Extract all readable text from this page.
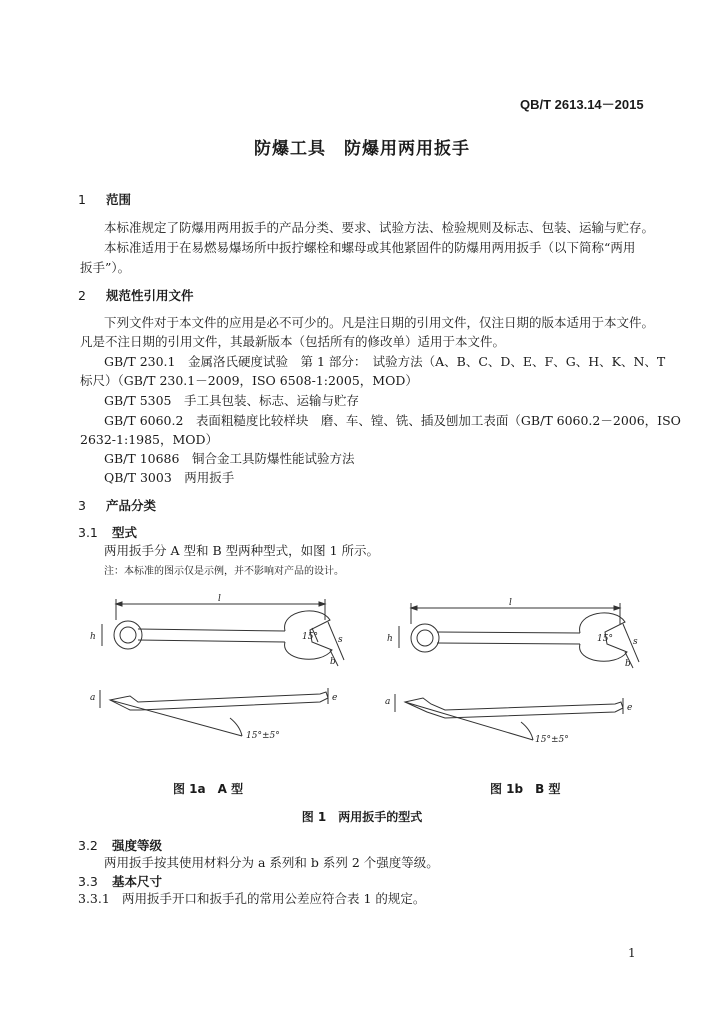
QB/T 2613.14－2015
防爆工具　防爆用两用扳手
1 范围
本标准规定了防爆用两用扳手的产品分类、要求、试验方法、检验规则及标志、包装、运输与贮存。
本标准适用于在易燃易爆场所中扳拧螺栓和螺母或其他紧固件的防爆用两用扳手（以下简称“两用
扳手”）。
2 规范性引用文件
下列文件对于本文件的应用是必不可少的。凡是注日期的引用文件，仅注日期的版本适用于本文件。
凡是不注日期的引用文件，其最新版本（包括所有的修改单）适用于本文件。
GB/T 230.1　金属洛氏硬度试验　第 1 部分：　试验方法（A、B、C、D、E、F、G、H、K、N、T
标尺）（GB/T 230.1－2009，ISO 6508-1:2005，MOD）
GB/T 5305　手工具包装、标志、运输与贮存
GB/T 6060.2　表面粗糙度比较样块　磨、车、镗、铣、插及刨加工表面（GB/T 6060.2－2006，ISO
2632-1:1985，MOD）
GB/T 10686　铜合金工具防爆性能试验方法
QB/T 3003　两用扳手
3 产品分类
3.1 型式
两用扳手分 A 型和 B 型两种型式，如图 1 所示。
注：本标准的图示仅是示例，并不影响对产品的设计。
l
h	15° s
b
a	e
15°±5°
l
h	15° s
b
a
e
15°±5°
图 1a　A 型	图 1b　B 型
图 1　两用扳手的型式
3.2 强度等级
两用扳手按其使用材料分为 a 系列和 b 系列 2 个强度等级。
3.3 基本尺寸
3.3.1 两用扳手开口和扳手孔的常用公差应符合表 1 的规定。
1
